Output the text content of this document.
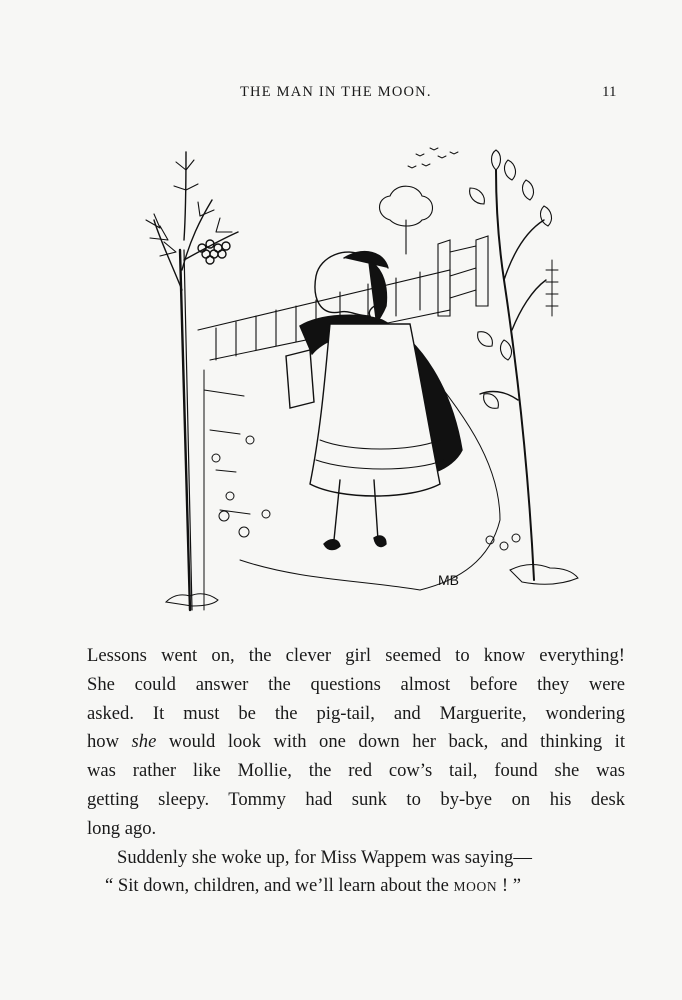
THE MAN IN THE MOON.	11
MB
Lessons went on, the clever girl seemed to know everything!
She could answer the questions almost before they were
asked. It must be the pig-tail, and Marguerite, wondering
how she would look with one down her back, and thinking it
was rather like Mollie, the red cow’s tail, found she was
getting sleepy. Tommy had sunk to by-bye on his desk
long ago.
Suddenly she woke up, for Miss Wappem was saying—
“ Sit down, children, and we’ll learn about the MOON ! ”
